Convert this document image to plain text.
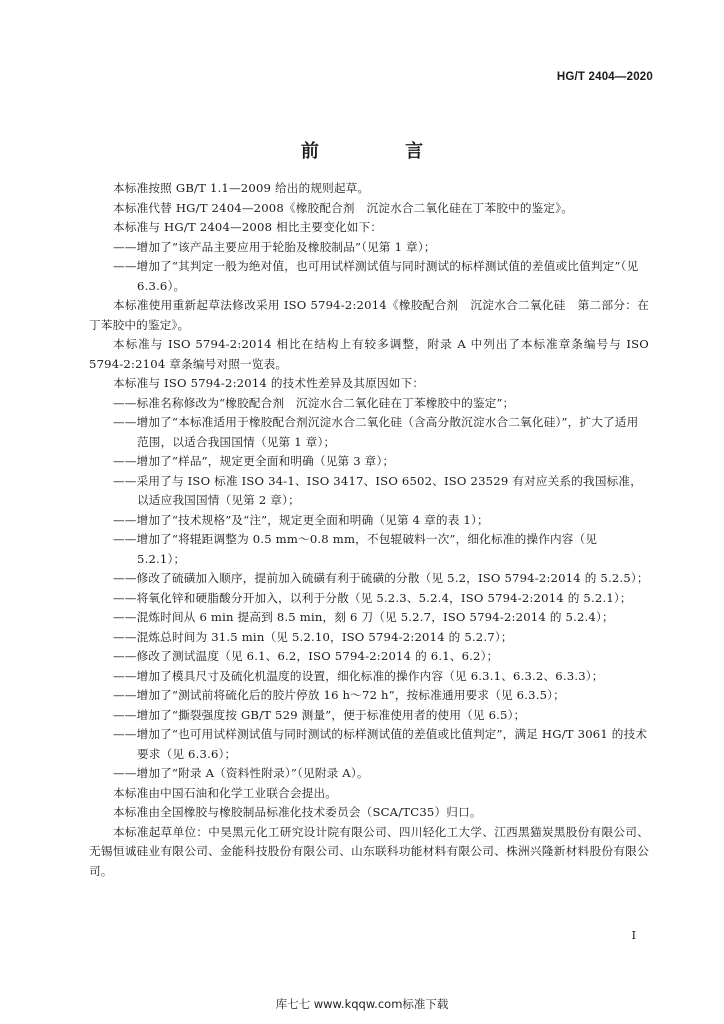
HG/T 2404—2020
前 言

本标准按照 GB/T 1.1—2009 给出的规则起草。

本标准代替 HG/T 2404—2008《橡胶配合剂　沉淀水合二氧化硅在丁苯胶中的鉴定》。

本标准与 HG/T 2404—2008 相比主要变化如下：

——增加了“该产品主要应用于轮胎及橡胶制品”（见第 1 章）；

——增加了“其判定一般为绝对值，也可用试样测试值与同时测试的标样测试值的差值或比值判定”（见 6.3.6）。

本标准使用重新起草法修改采用 ISO 5794-2:2014《橡胶配合剂　沉淀水合二氧化硅　第二部分：在丁苯胶中的鉴定》。

本标准与 ISO 5794-2:2014 相比在结构上有较多调整，附录 A 中列出了本标准章条编号与 ISO 5794-2:2104 章条编号对照一览表。

本标准与 ISO 5794-2:2014 的技术性差异及其原因如下：

——标准名称修改为“橡胶配合剂　沉淀水合二氧化硅在丁苯橡胶中的鉴定”；

——增加了“本标准适用于橡胶配合剂沉淀水合二氧化硅（含高分散沉淀水合二氧化硅）”，扩大了适用范围，以适合我国国情（见第 1 章）；

——增加了“样品”，规定更全面和明确（见第 3 章）；

——采用了与 ISO 标准 ISO 34-1、ISO 3417、ISO 6502、ISO 23529 有对应关系的我国标准，以适应我国国情（见第 2 章）；

——增加了“技术规格”及“注”，规定更全面和明确（见第 4 章的表 1）；

——增加了“将辊距调整为 0.5 mm～0.8 mm，不包辊破料一次”，细化标准的操作内容（见 5.2.1）；

——修改了硫磺加入顺序，提前加入硫磺有利于硫磺的分散（见 5.2，ISO 5794-2:2014 的 5.2.5）；

——将氧化锌和硬脂酸分开加入，以利于分散（见 5.2.3、5.2.4，ISO 5794-2:2014 的 5.2.1）；

——混炼时间从 6 min 提高到 8.5 min，刻 6 刀（见 5.2.7，ISO 5794-2:2014 的 5.2.4）；

——混炼总时间为 31.5 min（见 5.2.10，ISO 5794-2:2014 的 5.2.7）；

——修改了测试温度（见 6.1、6.2，ISO 5794-2:2014 的 6.1、6.2）；

——增加了模具尺寸及硫化机温度的设置，细化标准的操作内容（见 6.3.1、6.3.2、6.3.3）；

——增加了“测试前将硫化后的胶片停放 16 h～72 h”，按标准通用要求（见 6.3.5）；

——增加了“撕裂强度按 GB/T 529 测量”，便于标准使用者的使用（见 6.5）；

——增加了“也可用试样测试值与同时测试的标样测试值的差值或比值判定”，满足 HG/T 3061 的技术要求（见 6.3.6）；

——增加了“附录 A（资料性附录）”（见附录 A）。

本标准由中国石油和化学工业联合会提出。

本标准由全国橡胶与橡胶制品标准化技术委员会（SCA/TC35）归口。

本标准起草单位：中昊黑元化工研究设计院有限公司、四川轻化工大学、江西黑猫炭黑股份有限公司、无锡恒诚硅业有限公司、金能科技股份有限公司、山东联科功能材料有限公司、株洲兴隆新材料股份有限公司。

I
库七七 www.kqqw.com标准下载
